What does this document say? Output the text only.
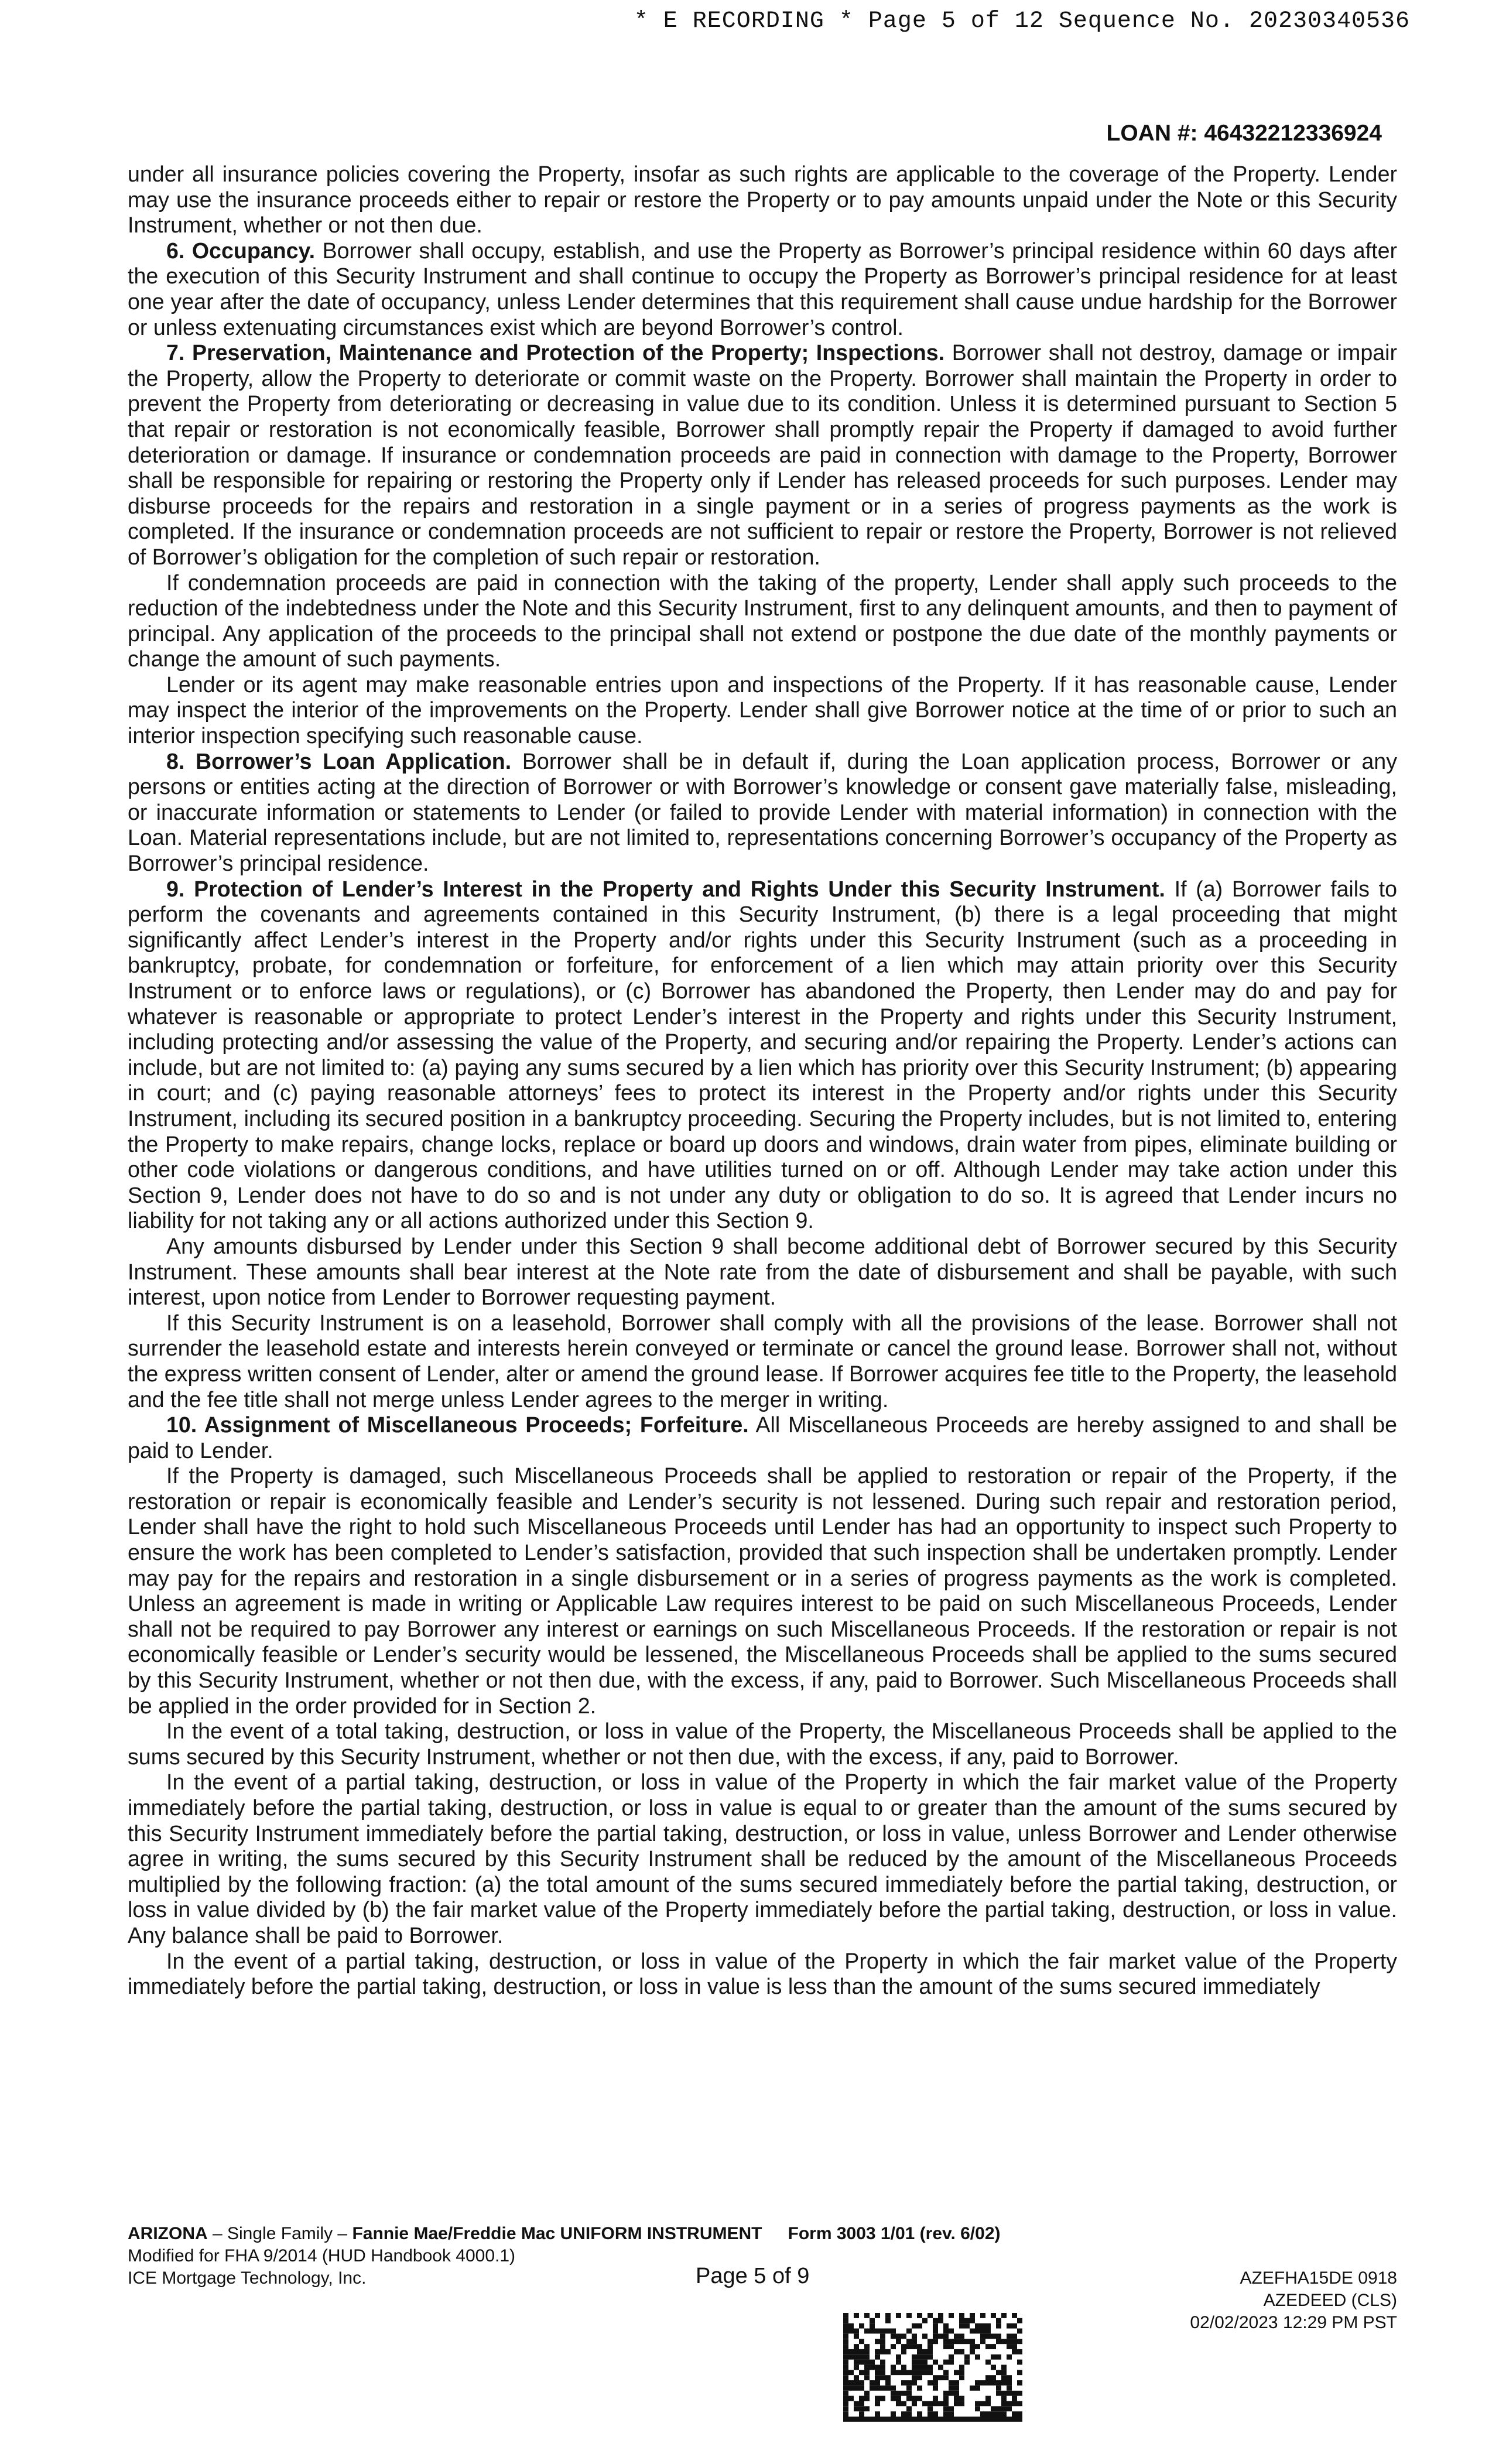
* E RECORDING * Page 5 of 12 Sequence No. 20230340536
LOAN #: 46432212336924

under all insurance policies covering the Property, insofar as such rights are applicable to the coverage of the Property. Lender may use the insurance proceeds either to repair or restore the Property or to pay amounts unpaid under the Note or this Security Instrument, whether or not then due.

6. Occupancy. Borrower shall occupy, establish, and use the Property as Borrower’s principal residence within 60 days after the execution of this Security Instrument and shall continue to occupy the Property as Borrower’s principal residence for at least one year after the date of occupancy, unless Lender determines that this requirement shall cause undue hardship for the Borrower or unless extenuating circumstances exist which are beyond Borrower’s control.

7. Preservation, Maintenance and Protection of the Property; Inspections. Borrower shall not destroy, damage or impair the Property, allow the Property to deteriorate or commit waste on the Property. Borrower shall maintain the Property in order to prevent the Property from deteriorating or decreasing in value due to its condition. Unless it is determined pursuant to Section 5 that repair or restoration is not economically feasible, Borrower shall promptly repair the Property if damaged to avoid further deterioration or damage. If insurance or condemnation proceeds are paid in connection with damage to the Property, Borrower shall be responsible for repairing or restoring the Property only if Lender has released proceeds for such purposes. Lender may disburse proceeds for the repairs and restoration in a single payment or in a series of progress payments as the work is completed. If the insurance or condemnation proceeds are not sufficient to repair or restore the Property, Borrower is not relieved of Borrower’s obligation for the completion of such repair or restoration.

If condemnation proceeds are paid in connection with the taking of the property, Lender shall apply such proceeds to the reduction of the indebtedness under the Note and this Security Instrument, first to any delinquent amounts, and then to payment of principal. Any application of the proceeds to the principal shall not extend or postpone the due date of the monthly payments or change the amount of such payments.

Lender or its agent may make reasonable entries upon and inspections of the Property. If it has reasonable cause, Lender may inspect the interior of the improvements on the Property. Lender shall give Borrower notice at the time of or prior to such an interior inspection specifying such reasonable cause.

8. Borrower’s Loan Application. Borrower shall be in default if, during the Loan application process, Borrower or any persons or entities acting at the direction of Borrower or with Borrower’s knowledge or consent gave materially false, misleading, or inaccurate information or statements to Lender (or failed to provide Lender with material information) in connection with the Loan. Material representations include, but are not limited to, representations concerning Borrower’s occupancy of the Property as Borrower’s principal residence.

9. Protection of Lender’s Interest in the Property and Rights Under this Security Instrument. If (a) Borrower fails to perform the covenants and agreements contained in this Security Instrument, (b) there is a legal proceeding that might significantly affect Lender’s interest in the Property and/or rights under this Security Instrument (such as a proceeding in bankruptcy, probate, for condemnation or forfeiture, for enforcement of a lien which may attain priority over this Security Instrument or to enforce laws or regulations), or (c) Borrower has abandoned the Property, then Lender may do and pay for whatever is reasonable or appropriate to protect Lender’s interest in the Property and rights under this Security Instrument, including protecting and/or assessing the value of the Property, and securing and/or repairing the Property. Lender’s actions can include, but are not limited to: (a) paying any sums secured by a lien which has priority over this Security Instrument; (b) appearing in court; and (c) paying reasonable attorneys’ fees to protect its interest in the Property and/or rights under this Security Instrument, including its secured position in a bankruptcy proceeding. Securing the Property includes, but is not limited to, entering the Property to make repairs, change locks, replace or board up doors and windows, drain water from pipes, eliminate building or other code violations or dangerous conditions, and have utilities turned on or off. Although Lender may take action under this Section 9, Lender does not have to do so and is not under any duty or obligation to do so. It is agreed that Lender incurs no liability for not taking any or all actions authorized under this Section 9.

Any amounts disbursed by Lender under this Section 9 shall become additional debt of Borrower secured by this Security Instrument. These amounts shall bear interest at the Note rate from the date of disbursement and shall be payable, with such interest, upon notice from Lender to Borrower requesting payment.

If this Security Instrument is on a leasehold, Borrower shall comply with all the provisions of the lease. Borrower shall not surrender the leasehold estate and interests herein conveyed or terminate or cancel the ground lease. Borrower shall not, without the express written consent of Lender, alter or amend the ground lease. If Borrower acquires fee title to the Property, the leasehold and the fee title shall not merge unless Lender agrees to the merger in writing.

10. Assignment of Miscellaneous Proceeds; Forfeiture. All Miscellaneous Proceeds are hereby assigned to and shall be paid to Lender.

If the Property is damaged, such Miscellaneous Proceeds shall be applied to restoration or repair of the Property, if the restoration or repair is economically feasible and Lender’s security is not lessened. During such repair and restoration period, Lender shall have the right to hold such Miscellaneous Proceeds until Lender has had an opportunity to inspect such Property to ensure the work has been completed to Lender’s satisfaction, provided that such inspection shall be undertaken promptly. Lender may pay for the repairs and restoration in a single disbursement or in a series of progress payments as the work is completed. Unless an agreement is made in writing or Applicable Law requires interest to be paid on such Miscellaneous Proceeds, Lender shall not be required to pay Borrower any interest or earnings on such Miscellaneous Proceeds. If the restoration or repair is not economically feasible or Lender’s security would be lessened, the Miscellaneous Proceeds shall be applied to the sums secured by this Security Instrument, whether or not then due, with the excess, if any, paid to Borrower. Such Miscellaneous Proceeds shall be applied in the order provided for in Section 2.

In the event of a total taking, destruction, or loss in value of the Property, the Miscellaneous Proceeds shall be applied to the sums secured by this Security Instrument, whether or not then due, with the excess, if any, paid to Borrower.

In the event of a partial taking, destruction, or loss in value of the Property in which the fair market value of the Property immediately before the partial taking, destruction, or loss in value is equal to or greater than the amount of the sums secured by this Security Instrument immediately before the partial taking, destruction, or loss in value, unless Borrower and Lender otherwise agree in writing, the sums secured by this Security Instrument shall be reduced by the amount of the Miscellaneous Proceeds multiplied by the following fraction: (a) the total amount of the sums secured immediately before the partial taking, destruction, or loss in value divided by (b) the fair market value of the Property immediately before the partial taking, destruction, or loss in value. Any balance shall be paid to Borrower.

In the event of a partial taking, destruction, or loss in value of the Property in which the fair market value of the Property immediately before the partial taking, destruction, or loss in value is less than the amount of the sums secured immediately

ARIZONA – Single Family – Fannie Mae/Freddie Mac UNIFORM INSTRUMENT Form 3003 1/01 (rev. 6/02)
Modified for FHA 9/2014 (HUD Handbook 4000.1)
ICE Mortgage Technology, Inc.	Page 5 of 9	AZEFHA15DE 0918
AZEDEED (CLS)
02/02/2023 12:29 PM PST
